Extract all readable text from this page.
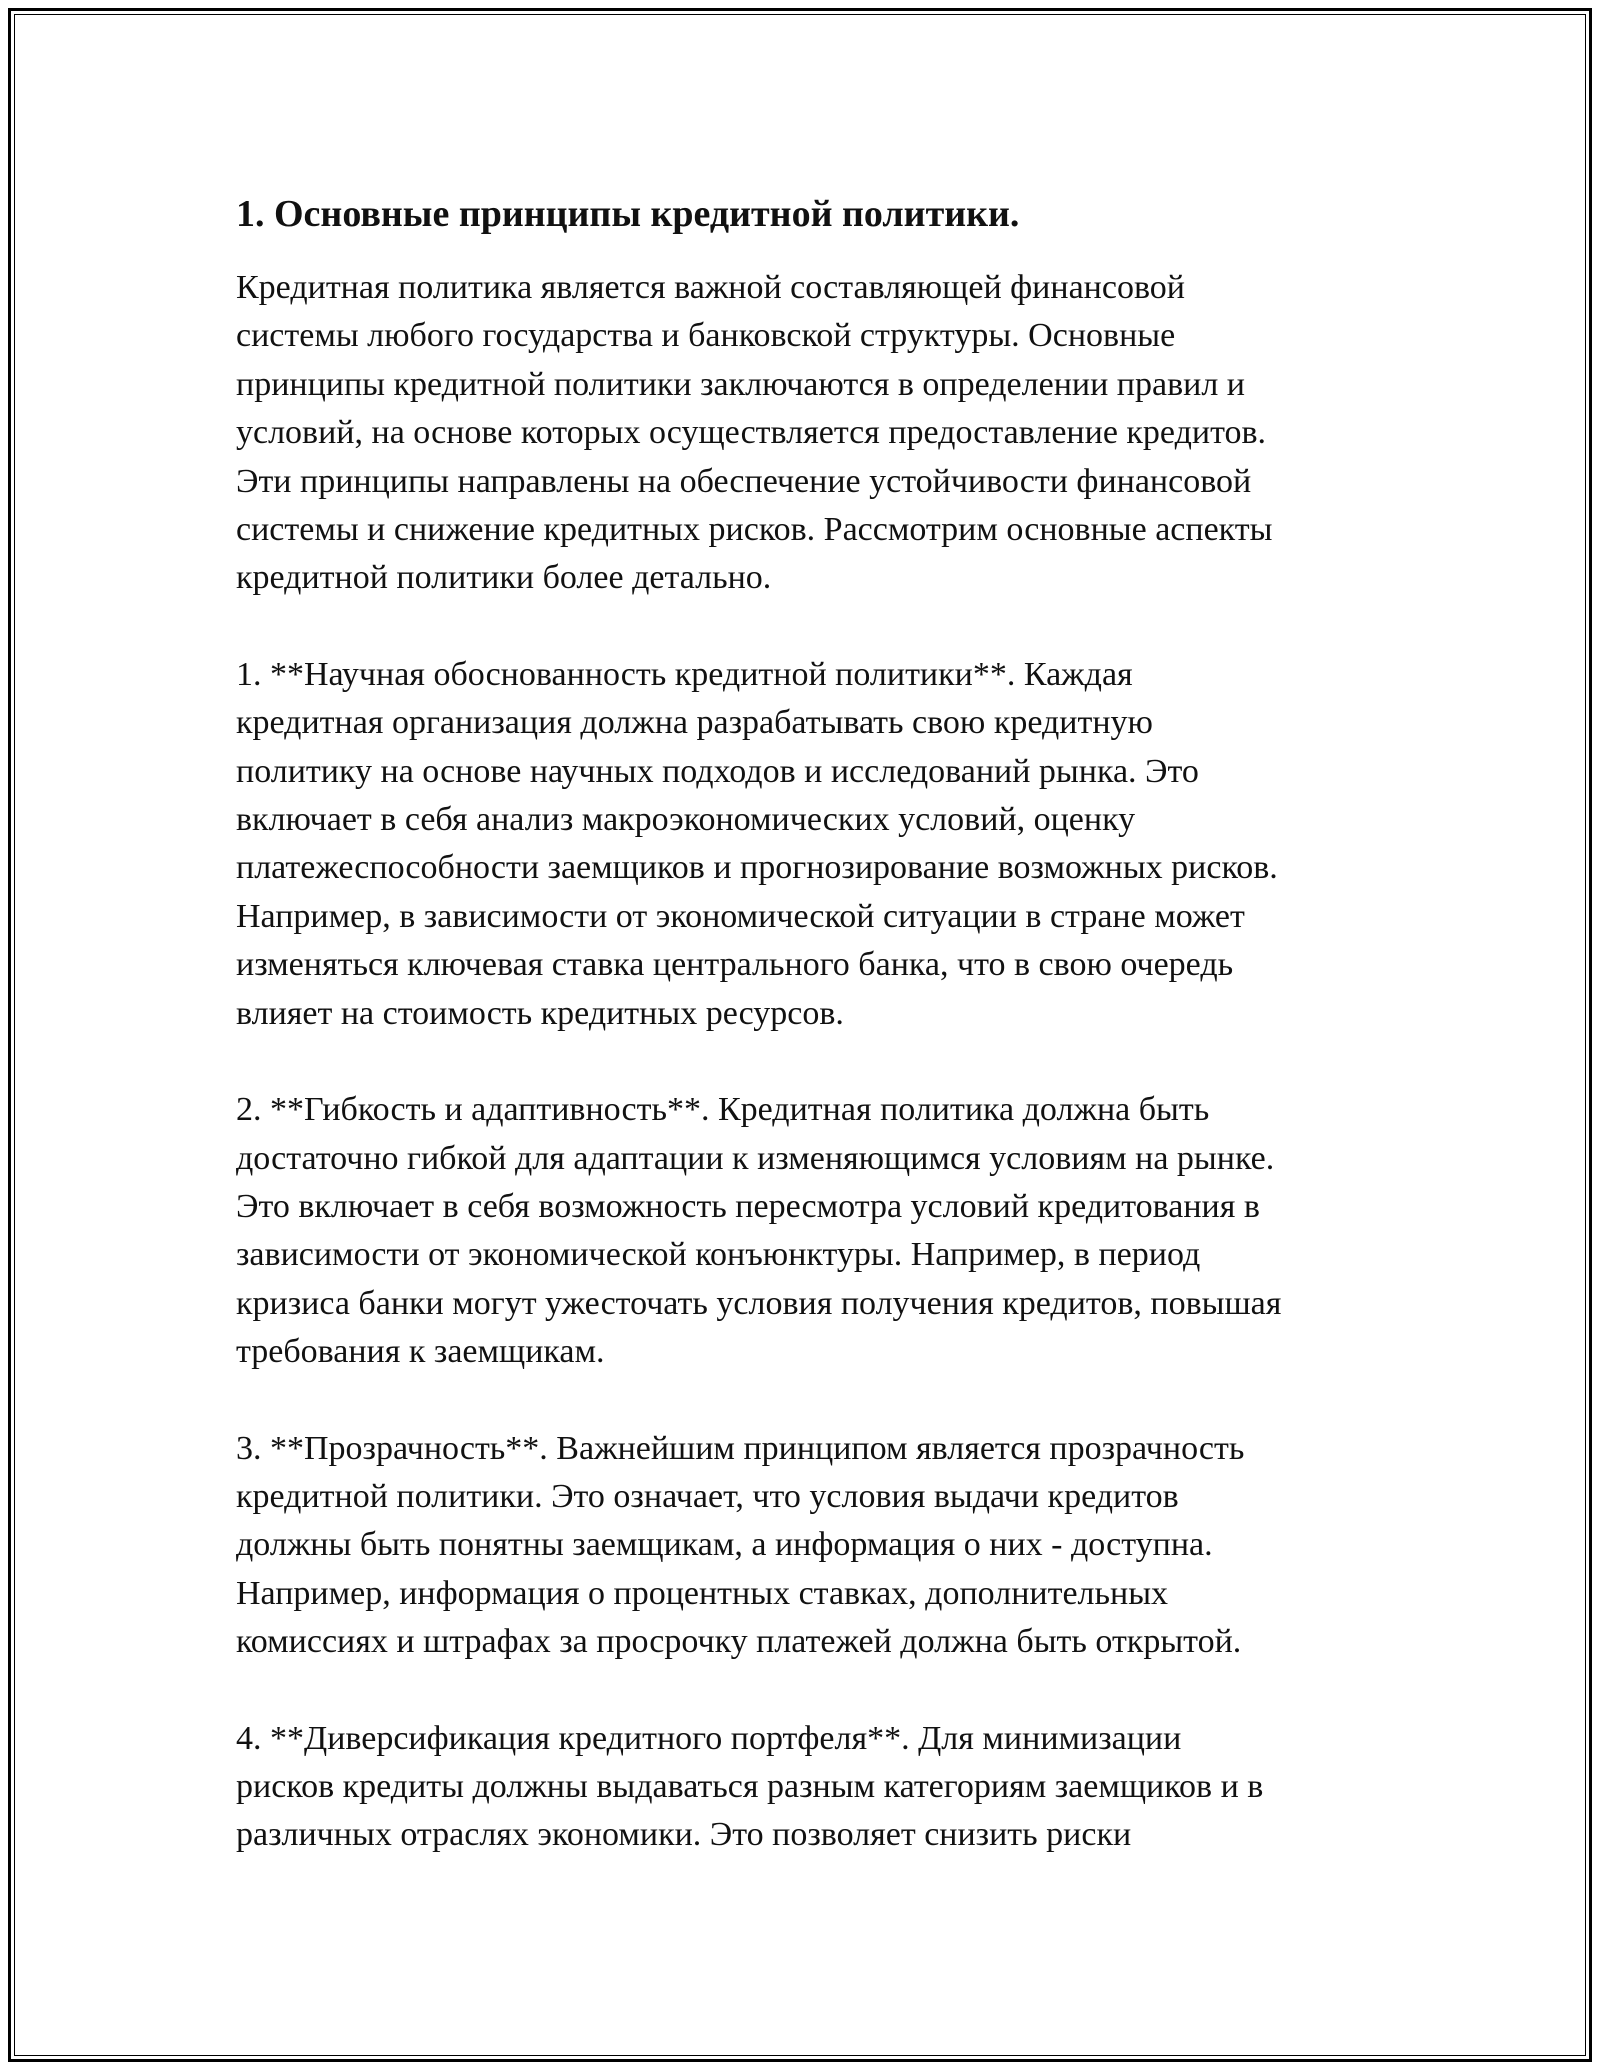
1. Основные принципы кредитной политики.
Кредитная политика является важной составляющей финансовой
системы любого государства и банковской структуры. Основные
принципы кредитной политики заключаются в определении правил и
условий, на основе которых осуществляется предоставление кредитов.
Эти принципы направлены на обеспечение устойчивости финансовой
системы и снижение кредитных рисков. Рассмотрим основные аспекты
кредитной политики более детально.
1. **Научная обоснованность кредитной политики**. Каждая
кредитная организация должна разрабатывать свою кредитную
политику на основе научных подходов и исследований рынка. Это
включает в себя анализ макроэкономических условий, оценку
платежеспособности заемщиков и прогнозирование возможных рисков.
Например, в зависимости от экономической ситуации в стране может
изменяться ключевая ставка центрального банка, что в свою очередь
влияет на стоимость кредитных ресурсов.
2. **Гибкость и адаптивность**. Кредитная политика должна быть
достаточно гибкой для адаптации к изменяющимся условиям на рынке.
Это включает в себя возможность пересмотра условий кредитования в
зависимости от экономической конъюнктуры. Например, в период
кризиса банки могут ужесточать условия получения кредитов, повышая
требования к заемщикам.
3. **Прозрачность**. Важнейшим принципом является прозрачность
кредитной политики. Это означает, что условия выдачи кредитов
должны быть понятны заемщикам, а информация о них - доступна.
Например, информация о процентных ставках, дополнительных
комиссиях и штрафах за просрочку платежей должна быть открытой.
4. **Диверсификация кредитного портфеля**. Для минимизации
рисков кредиты должны выдаваться разным категориям заемщиков и в
различных отраслях экономики. Это позволяет снизить риски
